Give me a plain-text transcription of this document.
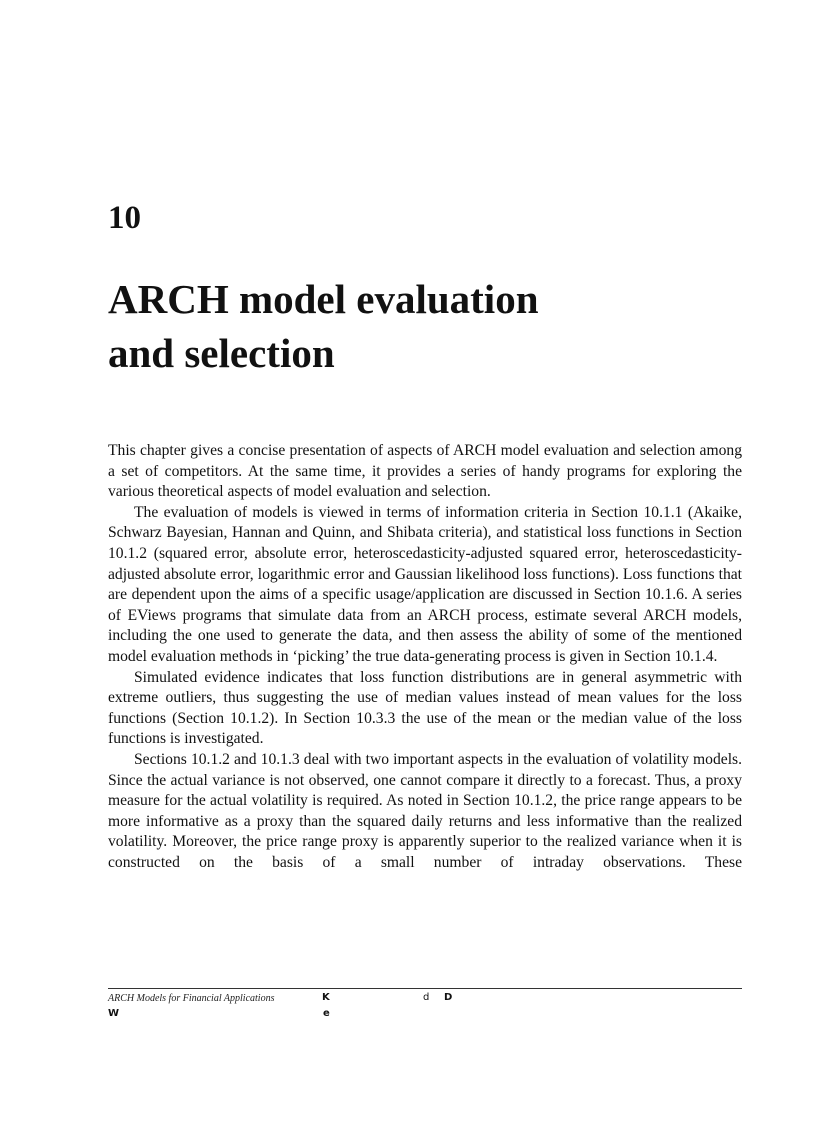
10
ARCH model evaluation
and selection

This chapter gives a concise presentation of aspects of ARCH model evaluation and selection among a set of competitors. At the same time, it provides a series of handy programs for exploring the various theoretical aspects of model evaluation and selection.

The evaluation of models is viewed in terms of information criteria in Section 10.1.1 (Akaike, Schwarz Bayesian, Hannan and Quinn, and Shibata criteria), and statistical loss functions in Section 10.1.2 (squared error, absolute error, heteroscedasticity-adjusted squared error, heteroscedasticity-adjusted absolute error, logarithmic error and Gaussian likelihood loss functions). Loss functions that are dependent upon the aims of a specific usage/application are discussed in Section 10.1.6. A series of EViews programs that simulate data from an ARCH process, estimate several ARCH models, including the one used to generate the data, and then assess the ability of some of the mentioned model evaluation methods in ‘picking’ the true data-generating process is given in Section 10.1.4.

Simulated evidence indicates that loss function distributions are in general asymmetric with extreme outliers, thus suggesting the use of median values instead of mean values for the loss functions (Section 10.1.2). In Section 10.3.3 the use of the mean or the median value of the loss functions is investigated.

Sections 10.1.2 and 10.1.3 deal with two important aspects in the evaluation of volatility models. Since the actual variance is not observed, one cannot compare it directly to a forecast. Thus, a proxy measure for the actual volatility is required. As noted in Section 10.1.2, the price range appears to be more informative as a proxy than the squared daily returns and less informative than the realized volatility. Moreover, the price range proxy is apparently superior to the realized variance when it is constructed on the basis of a small number of intraday observations. These

ARCH Models for Financial Applications	K	d D
W	e
